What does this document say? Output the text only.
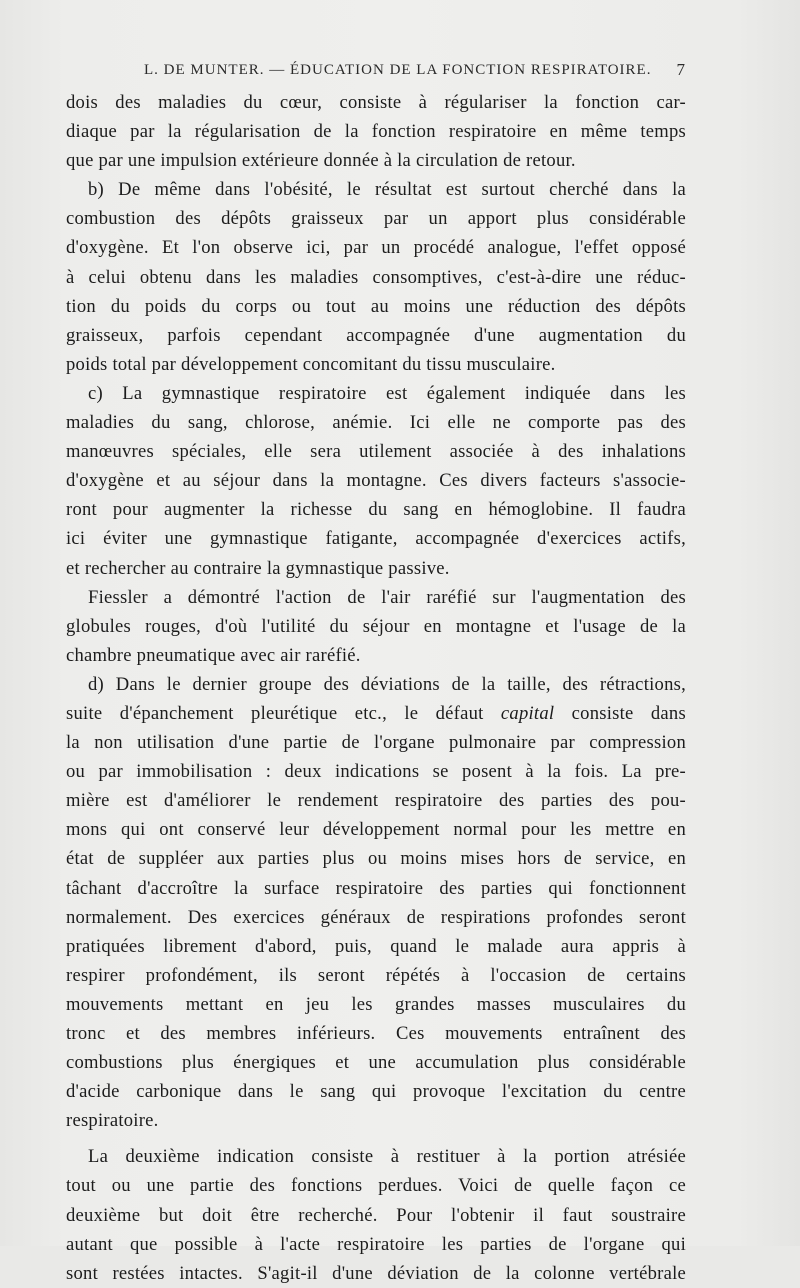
L. DE MUNTER. — ÉDUCATION DE LA FONCTION RESPIRATOIRE. 7
dois des maladies du cœur, consiste à régulariser la fonction car-
diaque par la régularisation de la fonction respiratoire en même temps
que par une impulsion extérieure donnée à la circulation de retour.
b) De même dans l'obésité, le résultat est surtout cherché dans la
combustion des dépôts graisseux par un apport plus considérable
d'oxygène. Et l'on observe ici, par un procédé analogue, l'effet opposé
à celui obtenu dans les maladies consomptives, c'est-à-dire une réduc-
tion du poids du corps ou tout au moins une réduction des dépôts
graisseux, parfois cependant accompagnée d'une augmentation du
poids total par développement concomitant du tissu musculaire.
c) La gymnastique respiratoire est également indiquée dans les
maladies du sang, chlorose, anémie. Ici elle ne comporte pas des
manœuvres spéciales, elle sera utilement associée à des inhalations
d'oxygène et au séjour dans la montagne. Ces divers facteurs s'associe-
ront pour augmenter la richesse du sang en hémoglobine. Il faudra
ici éviter une gymnastique fatigante, accompagnée d'exercices actifs,
et rechercher au contraire la gymnastique passive.
Fiessler a démontré l'action de l'air raréfié sur l'augmentation des
globules rouges, d'où l'utilité du séjour en montagne et l'usage de la
chambre pneumatique avec air raréfié.
d) Dans le dernier groupe des déviations de la taille, des rétractions,
suite d'épanchement pleurétique etc., le défaut capital consiste dans
la non utilisation d'une partie de l'organe pulmonaire par compression
ou par immobilisation : deux indications se posent à la fois. La pre-
mière est d'améliorer le rendement respiratoire des parties des pou-
mons qui ont conservé leur développement normal pour les mettre en
état de suppléer aux parties plus ou moins mises hors de service, en
tâchant d'accroître la surface respiratoire des parties qui fonctionnent
normalement. Des exercices généraux de respirations profondes seront
pratiquées librement d'abord, puis, quand le malade aura appris à
respirer profondément, ils seront répétés à l'occasion de certains
mouvements mettant en jeu les grandes masses musculaires du
tronc et des membres inférieurs. Ces mouvements entraînent des
combustions plus énergiques et une accumulation plus considérable
d'acide carbonique dans le sang qui provoque l'excitation du centre
respiratoire.
La deuxième indication consiste à restituer à la portion atrésiée
tout ou une partie des fonctions perdues. Voici de quelle façon ce
deuxième but doit être recherché. Pour l'obtenir il faut soustraire
autant que possible à l'acte respiratoire les parties de l'organe qui
sont restées intactes. S'agit-il d'une déviation de la colonne vertébrale
